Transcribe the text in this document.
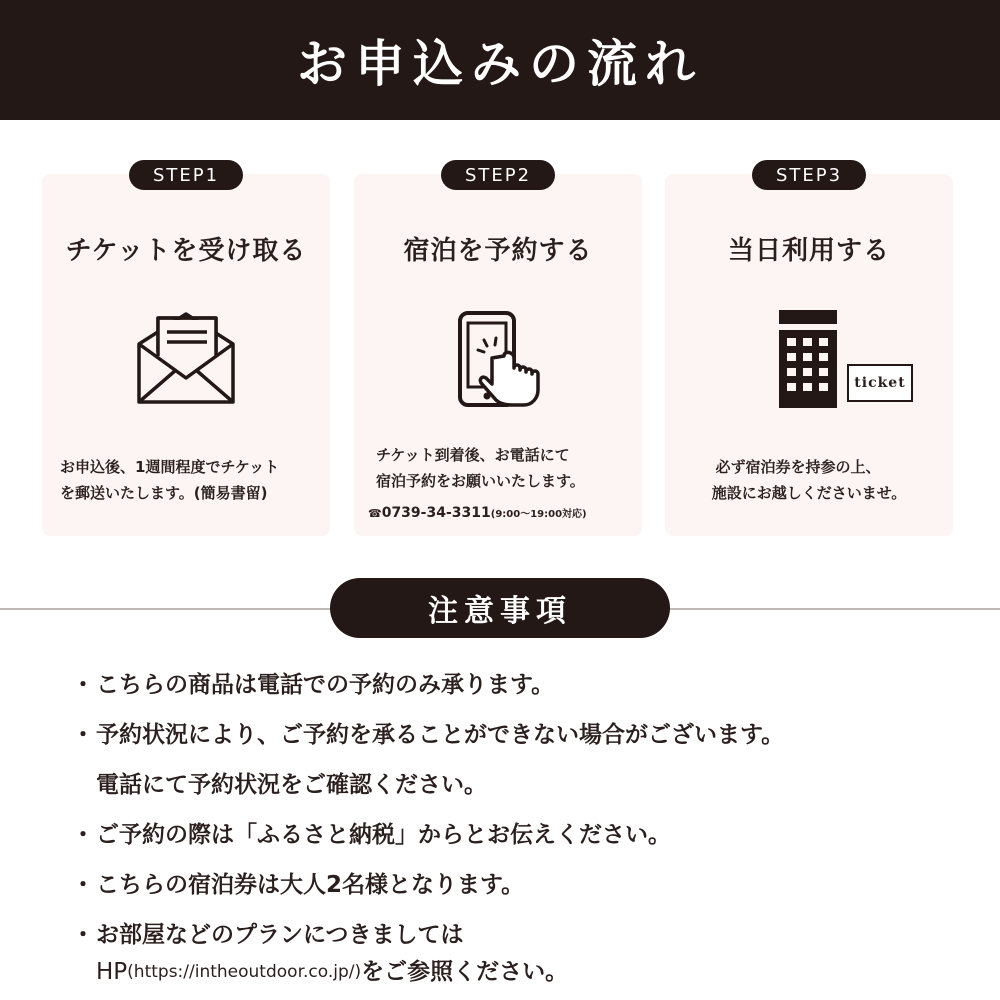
お申込みの流れ
チケットを受け取る

お申込後、1週間程度でチケット

を郵送いたします。(簡易書留)

STEP1
宿泊を予約する

チケット到着後、お電話にて

宿泊予約をお願いいたします。

☎0739-34-3311(9:00〜19:00対応)

STEP2
当日利用する
ticket

必ず宿泊券を持参の上、

施設にお越しくださいませ。

STEP3
注意事項
・ こちらの商品は電話での予約のみ承ります。
・ 予約状況により、ご予約を承ることができない場合がございます。
電話にて予約状況をご確認ください。
・ ご予約の際は「ふるさと納税」からとお伝えください。
・ こちらの宿泊券は大人2名様となります。
・ お部屋などのプランにつきましては
HP (https://intheoutdoor.co.jp/) をご参照ください。
